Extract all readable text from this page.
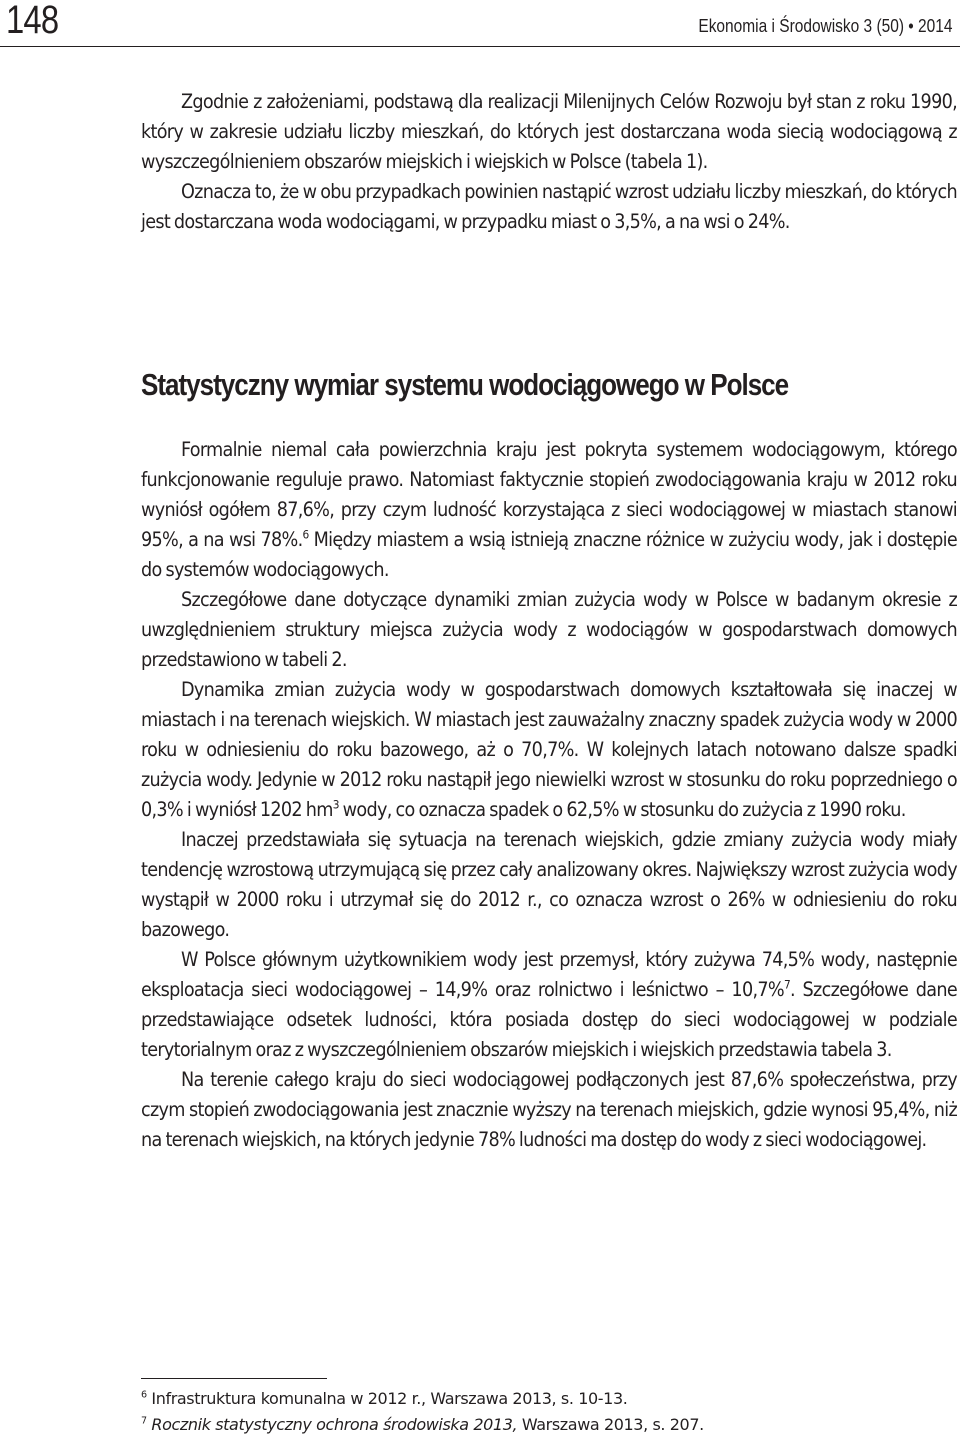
148	Ekonomia i Środowisko 3 (50) • 2014

Zgodnie z założeniami, podstawą dla realizacji Milenijnych Celów Rozwoju był stan z roku 1990, który w zakresie udziału liczby mieszkań, do których jest dostarczana woda siecią wodociągową z wyszczególnieniem obszarów miejskich i wiejskich w Polsce (tabela 1).

Oznacza to, że w obu przypadkach powinien nastąpić wzrost udziału liczby mieszkań, do których jest dostarczana woda wodociągami, w przypadku miast o 3,5%, a na wsi o 24%.

Statystyczny wymiar systemu wodociągowego w Polsce

Formalnie niemal cała powierzchnia kraju jest pokryta systemem wodociągowym, którego funkcjonowanie reguluje prawo. Natomiast faktycznie stopień zwodociągowania kraju w 2012 roku wyniósł ogółem 87,6%, przy czym ludność korzystająca z sieci wodociągowej w miastach stanowi 95%, a na wsi 78%.$^6$ Między miastem a wsią istnieją znaczne różnice w zużyciu wody, jak i dostępie do systemów wodociągowych.

Szczegółowe dane dotyczące dynamiki zmian zużycia wody w Polsce w badanym okresie z uwzględnieniem struktury miejsca zużycia wody z wodociągów w gospodarstwach domowych przedstawiono w tabeli 2.

Dynamika zmian zużycia wody w gospodarstwach domowych kształtowała się inaczej w miastach i na terenach wiejskich. W miastach jest zauważalny znaczny spadek zużycia wody w 2000 roku w odniesieniu do roku bazowego, aż o 70,7%. W kolejnych latach notowano dalsze spadki zużycia wody. Jedynie w 2012 roku nastąpił jego niewielki wzrost w stosunku do roku poprzedniego o 0,3% i wyniósł 1202 $hm^3$ wody, co oznacza spadek o 62,5% w stosunku do zużycia z 1990 roku.

Inaczej przedstawiała się sytuacja na terenach wiejskich, gdzie zmiany zużycia wody miały tendencję wzrostową utrzymującą się przez cały analizowany okres. Największy wzrost zużycia wody wystąpił w 2000 roku i utrzymał się do 2012 r., co oznacza wzrost o 26% w odniesieniu do roku bazowego.

W Polsce głównym użytkownikiem wody jest przemysł, który zużywa 74,5% wody, następnie eksploatacja sieci wodociągowej – 14,9% oraz rolnictwo i leśnictwo – 10,7%$^7$. Szczegółowe dane przedstawiające odsetek ludności, która posiada dostęp do sieci wodociągowej w podziale terytorialnym oraz z wyszczególnieniem obszarów miejskich i wiejskich przedstawia tabela 3.

Na terenie całego kraju do sieci wodociągowej podłączonych jest 87,6% społeczeństwa, przy czym stopień zwodociągowania jest znacznie wyższy na terenach miejskich, gdzie wynosi 95,4%, niż na terenach wiejskich, na których jedynie 78% ludności ma dostęp do wody z sieci wodociągowej.

$^6$ Infrastruktura komunalna w 2012 r., Warszawa 2013, s. 10-13.

$^7$ Rocznik statystyczny ochrona środowiska 2013, Warszawa 2013, s. 207.
